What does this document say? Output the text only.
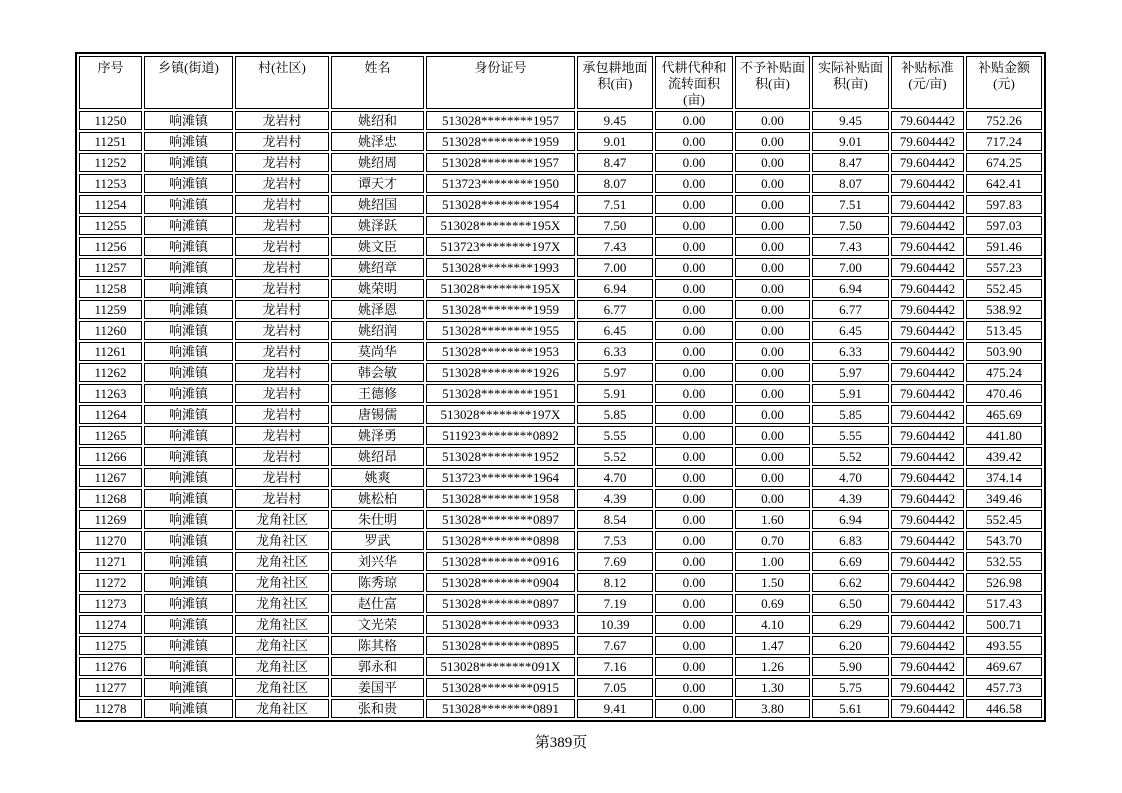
序号	乡镇(街道)	村(社区)	姓名	身份证号	承包耕地面积(亩)	代耕代种和流转面积(亩)	不予补贴面积(亩)	实际补贴面积(亩)	补贴标准(元/亩)	补贴金额(元)
11250	响滩镇	龙岩村	姚绍和	513028********1957	9.45	0.00	0.00	9.45	79.604442	752.26
11251	响滩镇	龙岩村	姚泽忠	513028********1959	9.01	0.00	0.00	9.01	79.604442	717.24
11252	响滩镇	龙岩村	姚绍周	513028********1957	8.47	0.00	0.00	8.47	79.604442	674.25
11253	响滩镇	龙岩村	谭天才	513723********1950	8.07	0.00	0.00	8.07	79.604442	642.41
11254	响滩镇	龙岩村	姚绍国	513028********1954	7.51	0.00	0.00	7.51	79.604442	597.83
11255	响滩镇	龙岩村	姚泽跃	513028********195X	7.50	0.00	0.00	7.50	79.604442	597.03
11256	响滩镇	龙岩村	姚文臣	513723********197X	7.43	0.00	0.00	7.43	79.604442	591.46
11257	响滩镇	龙岩村	姚绍章	513028********1993	7.00	0.00	0.00	7.00	79.604442	557.23
11258	响滩镇	龙岩村	姚荣明	513028********195X	6.94	0.00	0.00	6.94	79.604442	552.45
11259	响滩镇	龙岩村	姚泽恩	513028********1959	6.77	0.00	0.00	6.77	79.604442	538.92
11260	响滩镇	龙岩村	姚绍润	513028********1955	6.45	0.00	0.00	6.45	79.604442	513.45
11261	响滩镇	龙岩村	莫尚华	513028********1953	6.33	0.00	0.00	6.33	79.604442	503.90
11262	响滩镇	龙岩村	韩会敏	513028********1926	5.97	0.00	0.00	5.97	79.604442	475.24
11263	响滩镇	龙岩村	王德修	513028********1951	5.91	0.00	0.00	5.91	79.604442	470.46
11264	响滩镇	龙岩村	唐锡儒	513028********197X	5.85	0.00	0.00	5.85	79.604442	465.69
11265	响滩镇	龙岩村	姚泽勇	511923********0892	5.55	0.00	0.00	5.55	79.604442	441.80
11266	响滩镇	龙岩村	姚绍昂	513028********1952	5.52	0.00	0.00	5.52	79.604442	439.42
11267	响滩镇	龙岩村	姚爽	513723********1964	4.70	0.00	0.00	4.70	79.604442	374.14
11268	响滩镇	龙岩村	姚松柏	513028********1958	4.39	0.00	0.00	4.39	79.604442	349.46
11269	响滩镇	龙角社区	朱仕明	513028********0897	8.54	0.00	1.60	6.94	79.604442	552.45
11270	响滩镇	龙角社区	罗武	513028********0898	7.53	0.00	0.70	6.83	79.604442	543.70
11271	响滩镇	龙角社区	刘兴华	513028********0916	7.69	0.00	1.00	6.69	79.604442	532.55
11272	响滩镇	龙角社区	陈秀琼	513028********0904	8.12	0.00	1.50	6.62	79.604442	526.98
11273	响滩镇	龙角社区	赵仕富	513028********0897	7.19	0.00	0.69	6.50	79.604442	517.43
11274	响滩镇	龙角社区	文光荣	513028********0933	10.39	0.00	4.10	6.29	79.604442	500.71
11275	响滩镇	龙角社区	陈其格	513028********0895	7.67	0.00	1.47	6.20	79.604442	493.55
11276	响滩镇	龙角社区	郭永和	513028********091X	7.16	0.00	1.26	5.90	79.604442	469.67
11277	响滩镇	龙角社区	姜国平	513028********0915	7.05	0.00	1.30	5.75	79.604442	457.73
11278	响滩镇	龙角社区	张和贵	513028********0891	9.41	0.00	3.80	5.61	79.604442	446.58
第389页
